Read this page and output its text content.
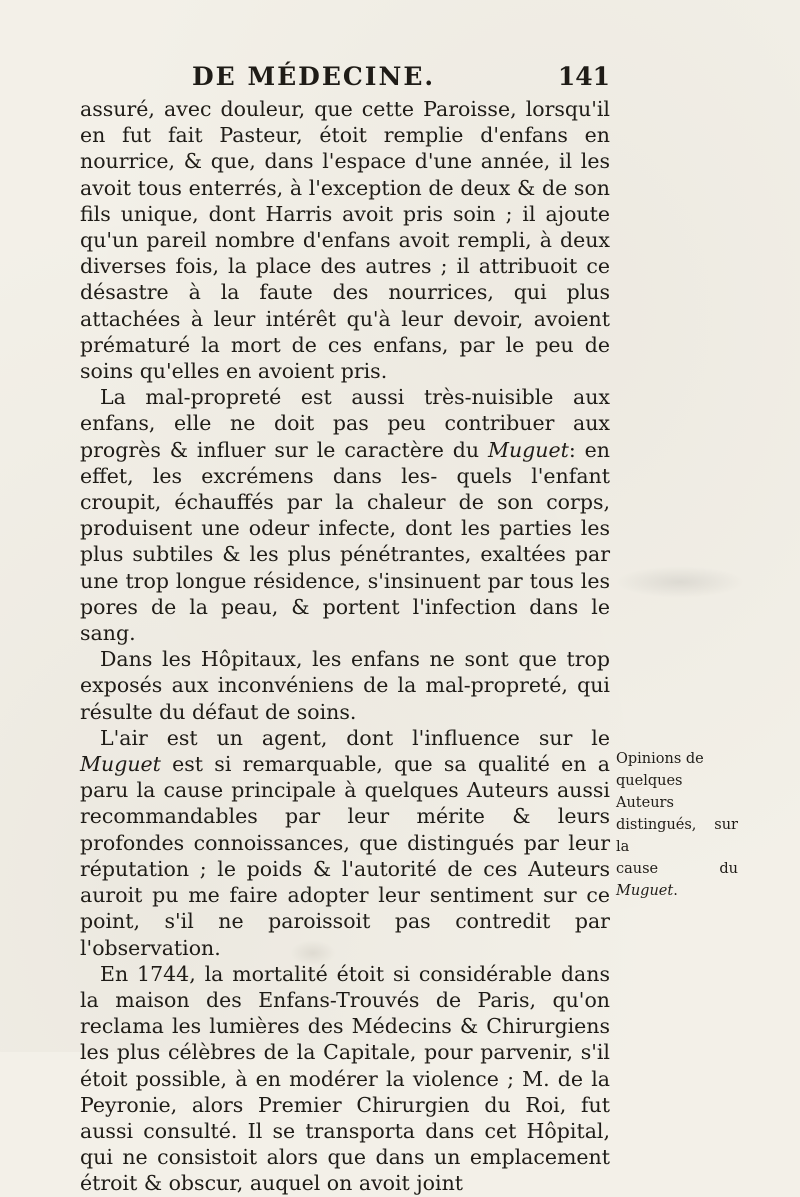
DE MÉDECINE.	141

assuré, avec douleur, que cette Paroisse, lorsqu'il en fut fait Pasteur, étoit remplie d'enfans en nourrice, & que, dans l'espace d'une année, il les avoit tous enterrés, à l'exception de deux & de son fils unique, dont Harris avoit pris soin ; il ajoute qu'un pareil nombre d'enfans avoit rempli, à deux diverses fois, la place des autres ; il attribuoit ce désastre à la faute des nourrices, qui plus attachées à leur intérêt qu'à leur devoir, avoient prématuré la mort de ces enfans, par le peu de soins qu'elles en avoient pris.

La mal-propreté est aussi très-nuisible aux enfans, elle ne doit pas peu contribuer aux progrès & influer sur le caractère du Muguet: en effet, les excrémens dans les- quels l'enfant croupit, échauffés par la chaleur de son corps, produisent une odeur infecte, dont les parties les plus subtiles & les plus pénétrantes, exaltées par une trop longue résidence, s'insinuent par tous les pores de la peau, & portent l'infection dans le sang.

Dans les Hôpitaux, les enfans ne sont que trop exposés aux inconvéniens de la mal-propreté, qui résulte du défaut de soins.

L'air est un agent, dont l'influence sur le Muguet est si remarquable, que sa qualité en a paru la cause principale à quelques Auteurs aussi recommandables par leur mérite & leurs profondes connoissances, que distingués par leur réputation ; le poids & l'autorité de ces Auteurs auroit pu me faire adopter leur sentiment sur ce point, s'il ne paroissoit pas contredit par l'observation.

En 1744, la mortalité étoit si considérable dans la maison des Enfans-Trouvés de Paris, qu'on reclama les lumières des Médecins & Chirurgiens les plus célèbres de la Capitale, pour parvenir, s'il étoit possible, à en modérer la violence ; M. de la Peyronie, alors Premier Chirurgien du Roi, fut aussi consulté. Il se transporta dans cet Hôpital, qui ne consistoit alors que dans un emplacement étroit & obscur, auquel on avoit joint

Opinions de
quelques Auteurs
distingués, sur la
cause du Muguet.
